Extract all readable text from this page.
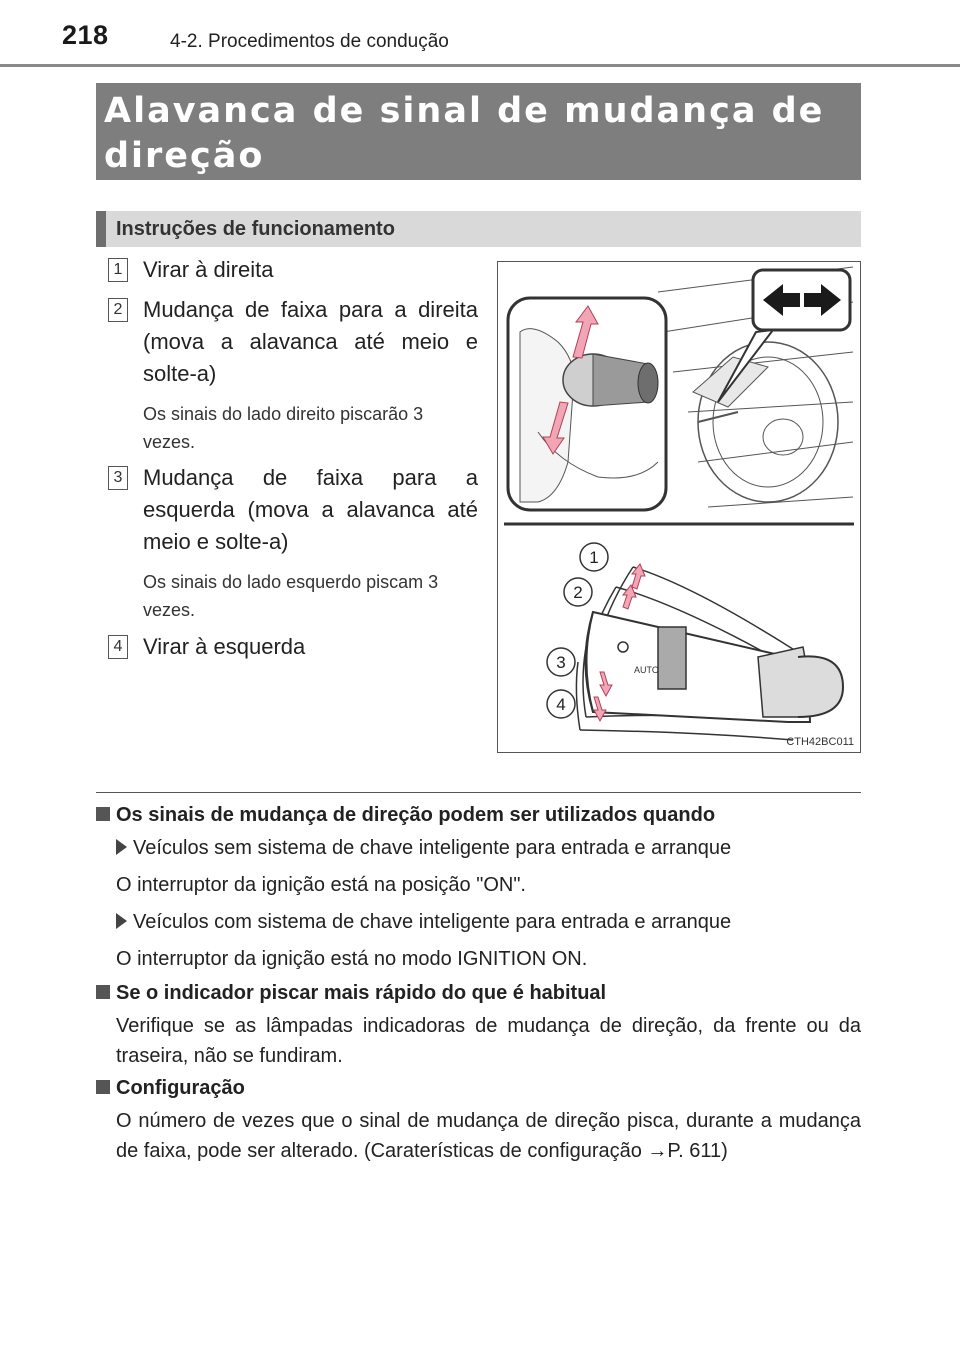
218	4-2. Procedimentos de condução
Alavanca de sinal de mudança de
direção
Instruções de funcionamento
1 Virar à direita
2 Mudança de faixa para a direita (mova a alavanca até meio e solte-a)
Os sinais do lado direito piscarão 3 vezes.
3 Mudança de faixa para a esquerda (mova a alavanca até meio e solte-a)
Os sinais do lado esquerdo piscam 3 vezes.
4 Virar à esquerda
AUTO
1
2
3
4
CTH42BC011
Os sinais de mudança de direção podem ser utilizados quando
Veículos sem sistema de chave inteligente para entrada e arranque
O interruptor da ignição está na posição "ON".
Veículos com sistema de chave inteligente para entrada e arranque
O interruptor da ignição está no modo IGNITION ON.
Se o indicador piscar mais rápido do que é habitual
Verifique se as lâmpadas indicadoras de mudança de direção, da frente ou da traseira, não se fundiram.
Configuração
O número de vezes que o sinal de mudança de direção pisca, durante a mudança de faixa, pode ser alterado. (Caraterísticas de configuração →P. 611)
